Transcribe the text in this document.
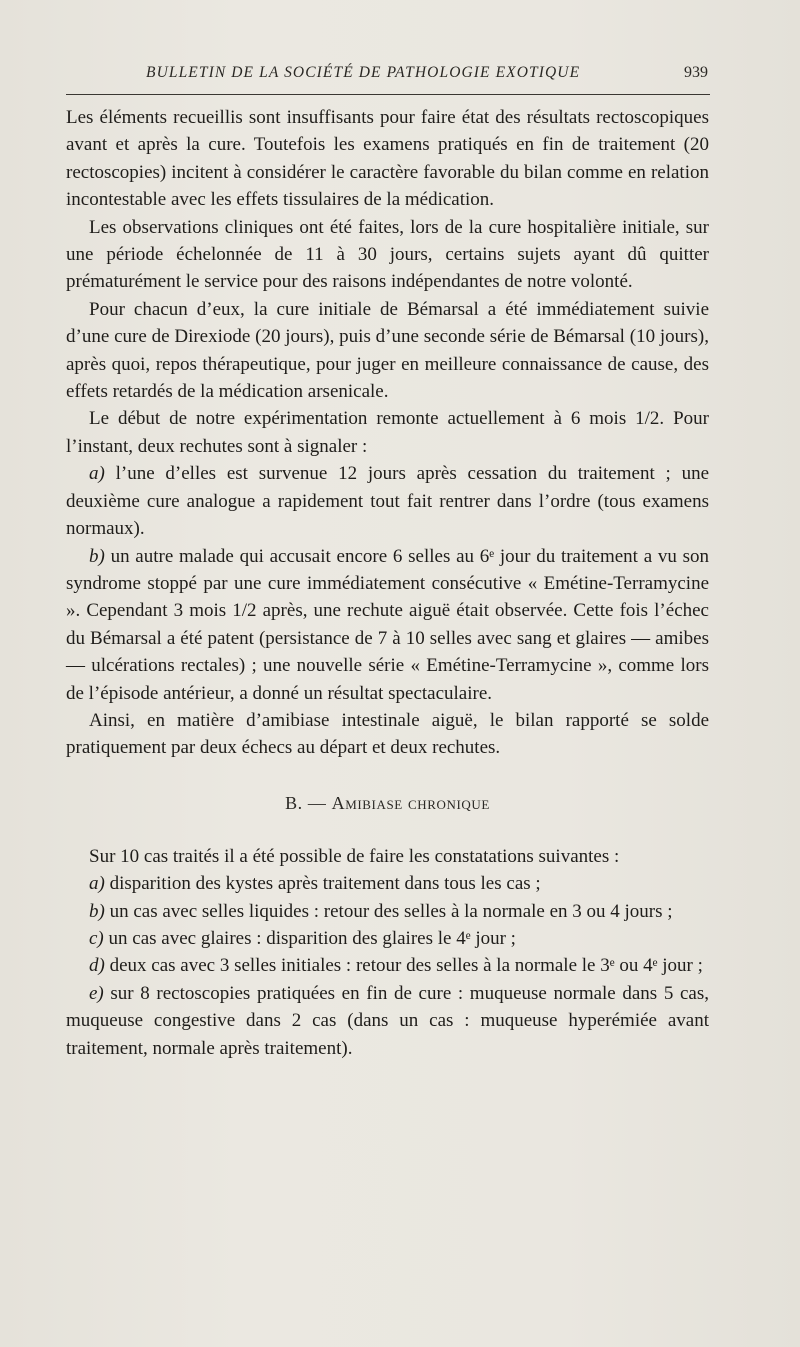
BULLETIN DE LA SOCIÉTÉ DE PATHOLOGIE EXOTIQUE	939

Les éléments recueillis sont insuffisants pour faire état des résultats rectoscopiques avant et après la cure. Toutefois les examens pratiqués en fin de traitement (20 rectoscopies) incitent à considérer le caractère favorable du bilan comme en relation incontestable avec les effets tissulaires de la médication.

Les observations cliniques ont été faites, lors de la cure hospitalière initiale, sur une période échelonnée de 11 à 30 jours, certains sujets ayant dû quitter prématurément le service pour des raisons indépendantes de notre volonté.

Pour chacun d’eux, la cure initiale de Bémarsal a été immédiatement suivie d’une cure de Direxiode (20 jours), puis d’une seconde série de Bémarsal (10 jours), après quoi, repos thérapeutique, pour juger en meilleure connaissance de cause, des effets retardés de la médication arsenicale.

Le début de notre expérimentation remonte actuellement à 6 mois 1/2. Pour l’instant, deux rechutes sont à signaler :

a) l’une d’elles est survenue 12 jours après cessation du traitement ; une deuxième cure analogue a rapidement tout fait rentrer dans l’ordre (tous examens normaux).

b) un autre malade qui accusait encore 6 selles au 6ᵉ jour du traitement a vu son syndrome stoppé par une cure immédiatement consécutive « Emétine-Terramycine ». Cependant 3 mois 1/2 après, une rechute aiguë était observée. Cette fois l’échec du Bémarsal a été patent (persistance de 7 à 10 selles avec sang et glaires — amibes — ulcérations rectales) ; une nouvelle série « Emétine-Terramycine », comme lors de l’épisode antérieur, a donné un résultat spectaculaire.

Ainsi, en matière d’amibiase intestinale aiguë, le bilan rapporté se solde pratiquement par deux échecs au départ et deux rechutes.

B. — Amibiase chronique

Sur 10 cas traités il a été possible de faire les constatations suivantes :

a) disparition des kystes après traitement dans tous les cas ;

b) un cas avec selles liquides : retour des selles à la normale en 3 ou 4 jours ;

c) un cas avec glaires : disparition des glaires le 4ᵉ jour ;

d) deux cas avec 3 selles initiales : retour des selles à la normale le 3ᵉ ou 4ᵉ jour ;

e) sur 8 rectoscopies pratiquées en fin de cure : muqueuse normale dans 5 cas, muqueuse congestive dans 2 cas (dans un cas : muqueuse hyperémiée avant traitement, normale après traitement).
